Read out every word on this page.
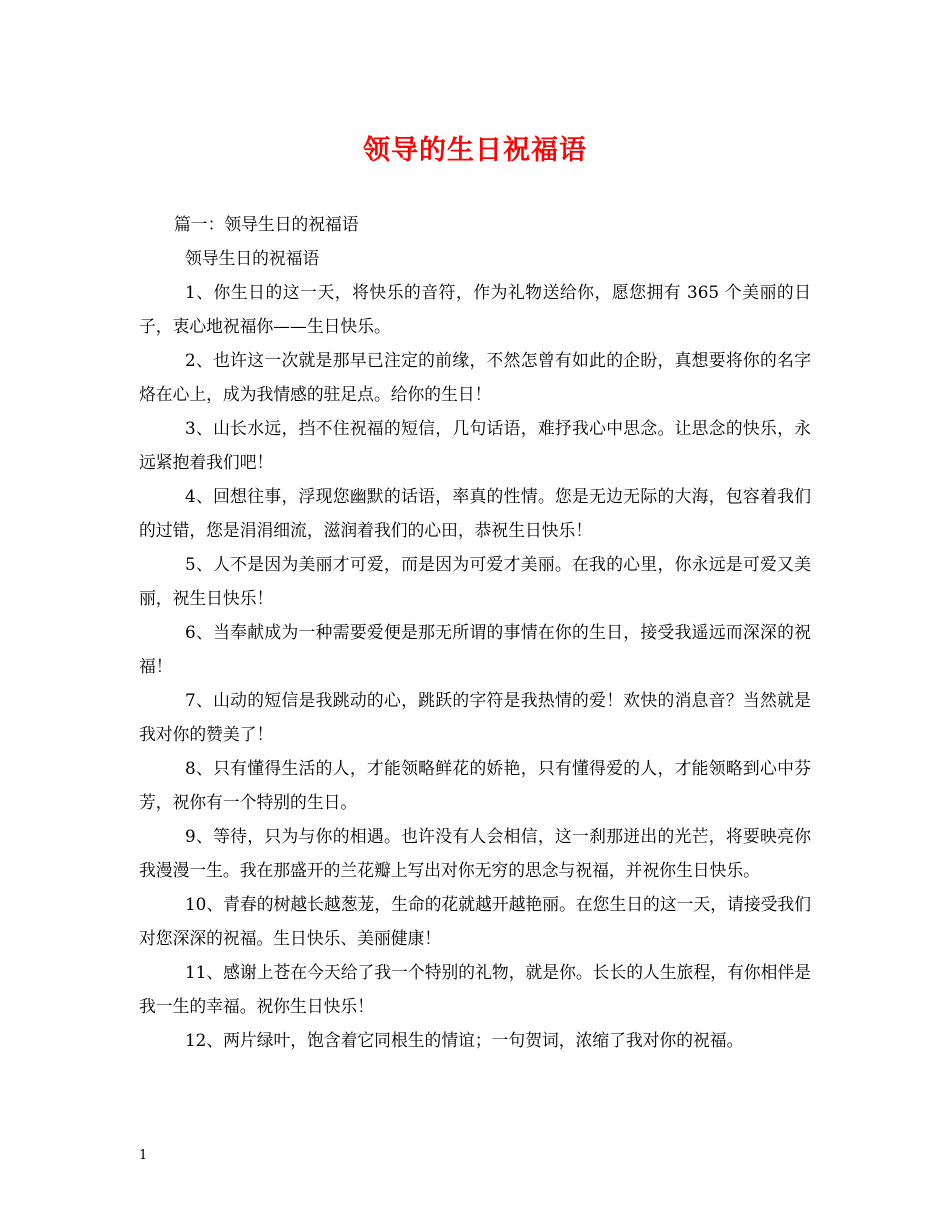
领导的生日祝福语

篇一：领导生日的祝福语

领导生日的祝福语

1、你生日的这一天，将快乐的音符，作为礼物送给你，愿您拥有 365 个美丽的日子，衷心地祝福你——生日快乐。

2、也许这一次就是那早已注定的前缘，不然怎曾有如此的企盼，真想要将你的名字烙在心上，成为我情感的驻足点。给你的生日！

3、山长水远，挡不住祝福的短信，几句话语，难抒我心中思念。让思念的快乐，永远紧抱着我们吧！

4、回想往事，浮现您幽默的话语，率真的性情。您是无边无际的大海，包容着我们的过错，您是涓涓细流，滋润着我们的心田，恭祝生日快乐！

5、人不是因为美丽才可爱，而是因为可爱才美丽。在我的心里，你永远是可爱又美丽，祝生日快乐！

6、当奉献成为一种需要爱便是那无所谓的事情在你的生日，接受我遥远而深深的祝福！

7、山动的短信是我跳动的心，跳跃的字符是我热情的爱！欢快的消息音？当然就是我对你的赞美了！

8、只有懂得生活的人，才能领略鲜花的娇艳，只有懂得爱的人，才能领略到心中芬芳，祝你有一个特别的生日。

9、等待，只为与你的相遇。也许没有人会相信，这一刹那迸出的光芒，将要映亮你我漫漫一生。我在那盛开的兰花瓣上写出对你无穷的思念与祝福，并祝你生日快乐。

10、青春的树越长越葱茏，生命的花就越开越艳丽。在您生日的这一天，请接受我们对您深深的祝福。生日快乐、美丽健康！

11、感谢上苍在今天给了我一个特别的礼物，就是你。长长的人生旅程，有你相伴是我一生的幸福。祝你生日快乐！

12、两片绿叶，饱含着它同根生的情谊；一句贺词，浓缩了我对你的祝福。

1
